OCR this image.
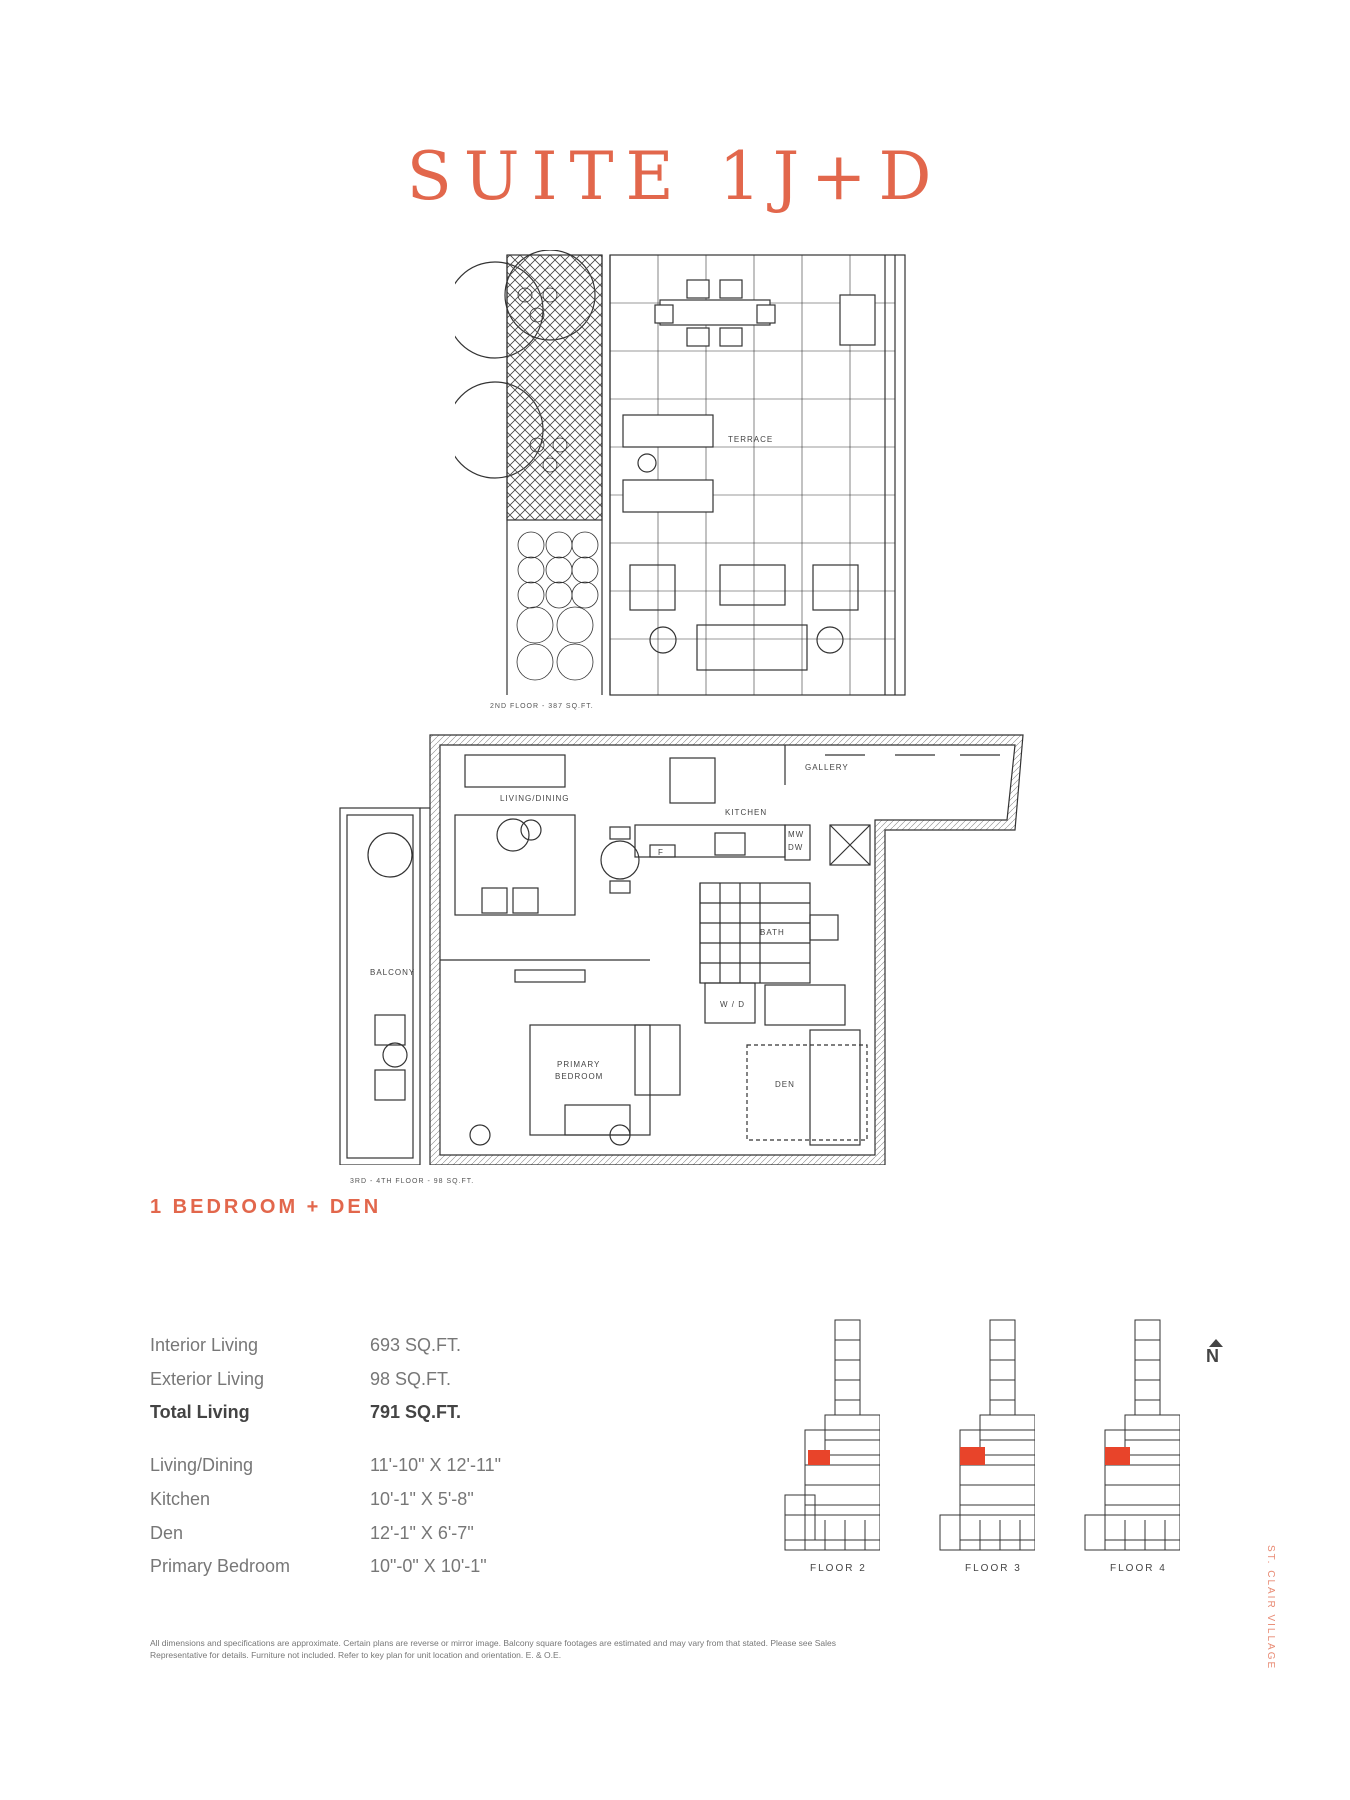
SUITE 1J+D
TERRACE
2ND FLOOR - 387 SQ.FT.
GALLERY
LIVING/DINING
KITCHEN
BALCONY
BATH
W / D
MW
DW
F
PRIMARY
BEDROOM
DEN
3RD - 4TH FLOOR - 98 SQ.FT.
1 BEDROOM + DEN
Interior Living	693 SQ.FT.
Exterior Living	98 SQ.FT.
Total Living	791 SQ.FT.
Living/Dining	11'-10" X 12'-11"
Kitchen	10'-1" X 5'-8"
Den	12'-1" X 6'-7"
Primary Bedroom	10"-0" X 10'-1"	FLOOR 2	FLOOR 3	FLOOR 4
N
All dimensions and specifications are approximate. Certain plans are reverse or mirror image. Balcony square footages are estimated and may vary from that stated. Please see Sales Representative for details. Furniture not included. Refer to key plan for unit location and orientation. E. & O.E.	ST. CLAIR VILLAGE
